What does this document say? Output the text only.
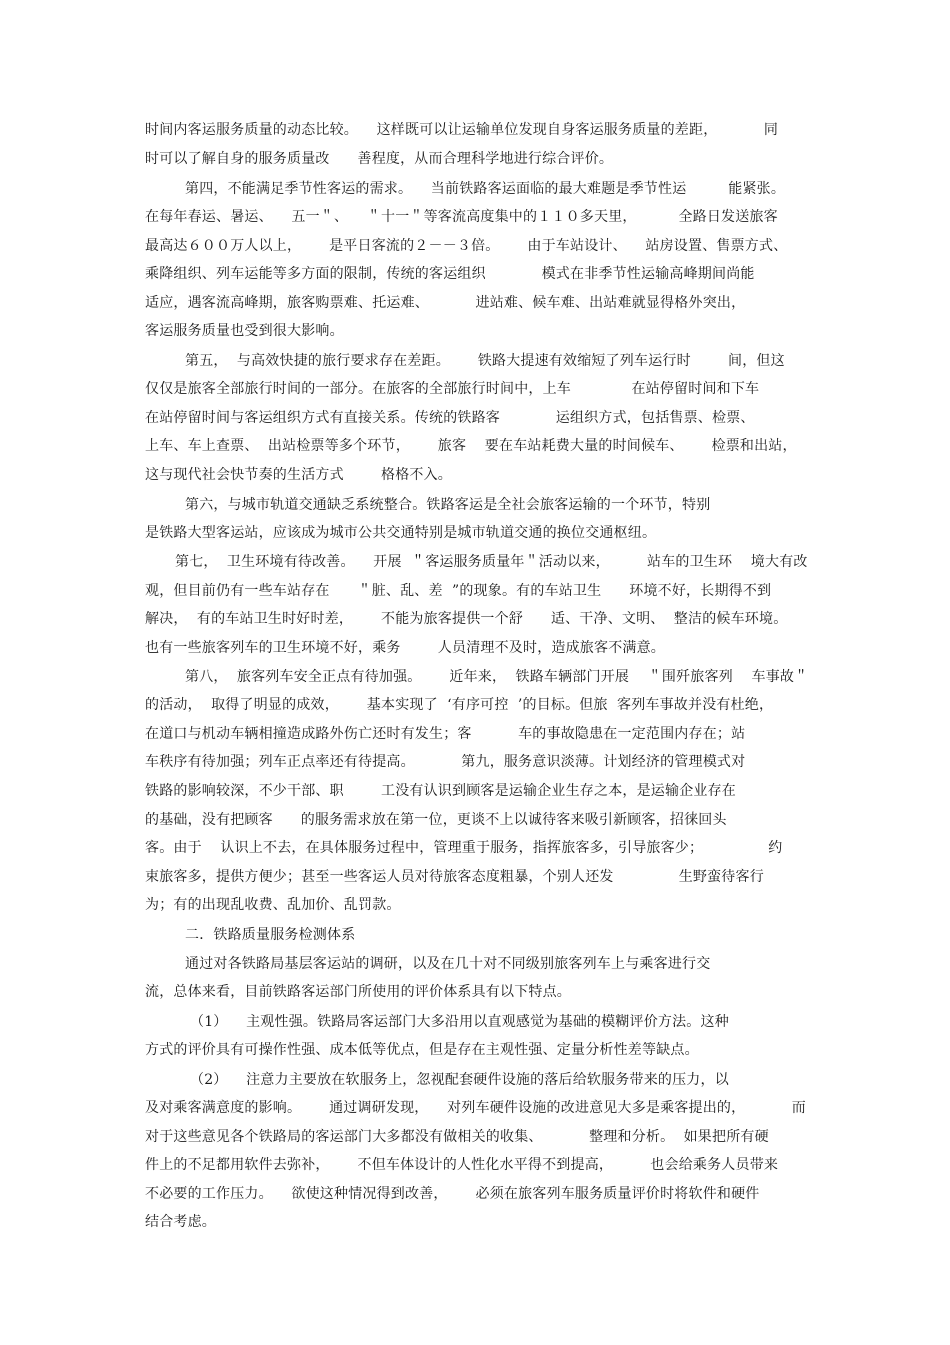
时间内客运服务质量的动态比较。    这样既可以让运输单位发现自身客运服务质量的差距，          同
时可以了解自身的服务质量改      善程度，从而合理科学地进行综合评价。
第四，不能满足季节性客运的需求。    当前铁路客运面临的最大难题是季节性运         能紧张。
在每年春运、暑运、    五一＂、    ＂十一＂等客流高度集中的１１０多天里，         全路日发送旅客
最高达６００万人以上，      是平日客流的２－－３倍。      由于车站设计、    站房设置、售票方式、
乘降组织、列车运能等多方面的限制，传统的客运组织            模式在非季节性运输高峰期间尚能
适应，遇客流高峰期，旅客购票难、托运难、          进站难、候车难、出站难就显得格外突出，
客运服务质量也受到很大影响。
第五，  与高效快捷的旅行要求存在差距。      铁路大提速有效缩短了列车运行时        间，但这
仅仅是旅客全部旅行时间的一部分。在旅客的全部旅行时间中，上车             在站停留时间和下车
在站停留时间与客运组织方式有直接关系。传统的铁路客            运组织方式，包括售票、检票、
上车、车上查票、  出站检票等多个环节，      旅客    要在车站耗费大量的时间候车、      检票和出站，
这与现代社会快节奏的生活方式        格格不入。
第六，与城市轨道交通缺乏系统整合。铁路客运是全社会旅客运输的一个环节，特别
是铁路大型客运站，应该成为城市公共交通特别是城市轨道交通的换位交通枢纽。
第七，  卫生环境有待改善。    开展  ＂客运服务质量年＂活动以来，        站车的卫生环    境大有改
观，但目前仍有一些车站存在      ＂脏、乱、差  ”的现象。有的车站卫生      环境不好，长期得不到
解决，  有的车站卫生时好时差，      不能为旅客提供一个舒      适、干净、文明、  整洁的候车环境。
也有一些旅客列车的卫生环境不好，乘务        人员清理不及时，造成旅客不满意。
第八，  旅客列车安全正点有待加强。      近年来，  铁路车辆部门开展    ＂围歼旅客列    车事故＂
的活动，  取得了明显的成效，      基本实现了  ‘有序可控  ’的目标。但旅  客列车事故并没有杜绝，
在道口与机动车辆相撞造成路外伤亡还时有发生；客          车的事故隐患在一定范围内存在；站
车秩序有待加强；列车正点率还有待提高。          第九，服务意识淡薄。计划经济的管理模式对
铁路的影响较深，不少干部、职        工没有认识到顾客是运输企业生存之本，是运输企业存在
的基础，没有把顾客      的服务需求放在第一位，更谈不上以诚待客来吸引新顾客，招徕回头
客。由于    认识上不去，在具体服务过程中，管理重于服务，指挥旅客多，引导旅客少；              约
束旅客多，提供方便少；甚至一些客运人员对待旅客态度粗暴，个别人还发              生野蛮待客行
为；有的出现乱收费、乱加价、乱罚款。
二．铁路质量服务检测体系
通过对各铁路局基层客运站的调研，以及在几十对不同级别旅客列车上与乘客进行交
流，总体来看，目前铁路客运部门所使用的评价体系具有以下特点。
（1）    主观性强。铁路局客运部门大多沿用以直观感觉为基础的模糊评价方法。这种
方式的评价具有可操作性强、成本低等优点，但是存在主观性强、定量分析性差等缺点。
（2）    注意力主要放在软服务上，忽视配套硬件设施的落后给软服务带来的压力，以
及对乘客满意度的影响。      通过调研发现，    对列车硬件设施的改进意见大多是乘客提出的，          而
对于这些意见各个铁路局的客运部门大多都没有做相关的收集、          整理和分析。  如果把所有硬
件上的不足都用软件去弥补，      不但车体设计的人性化水平得不到提高，        也会给乘务人员带来
不必要的工作压力。    欲使这种情况得到改善，      必须在旅客列车服务质量评价时将软件和硬件
结合考虑。
